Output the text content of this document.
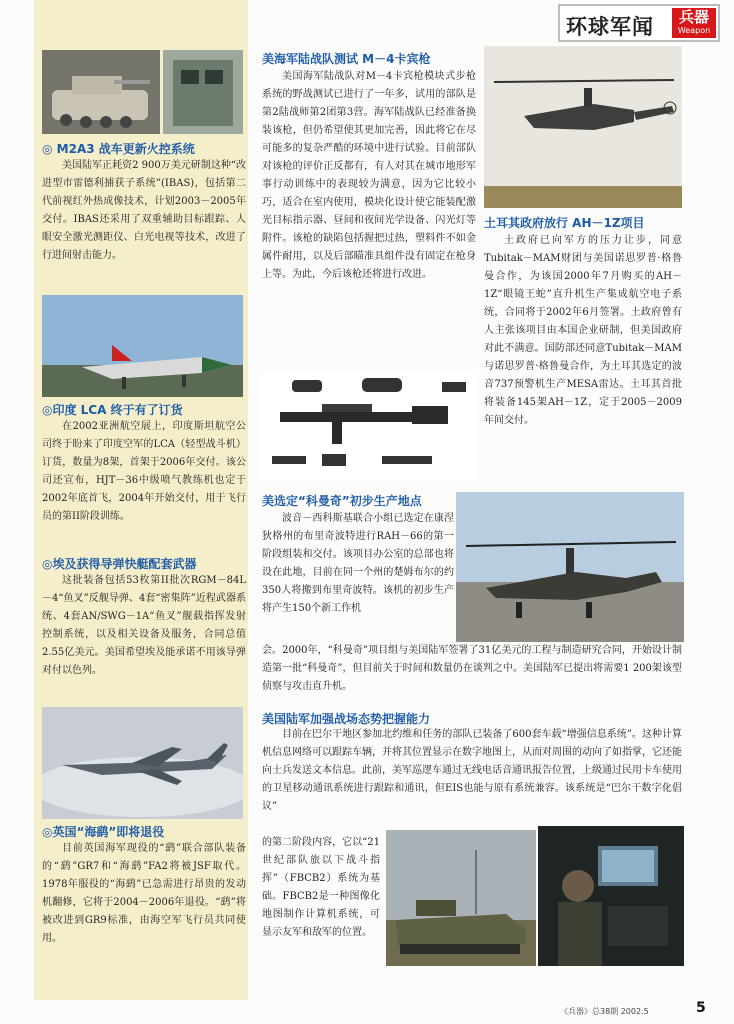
环球军闻	兵器
Weapon
◎ M2A3 战车更新火控系统
美国陆军正耗资2 900万美元研制这种“改进型市雷德利捕获子系统”(IBAS)，包括第二代前视红外热成像技术，计划2003－2005年交付。IBAS还采用了双重辅助目标跟踪、人眼安全激光测距仪、白光电视等技术，改进了行进间射击能力。
◎印度 LCA 终于有了订货
在2002亚洲航空展上，印度斯坦航空公司终于盼来了印度空军的LCA（轻型战斗机）订货，数量为8架，首架于2006年交付。该公司还宣布，HJT－36中级喷气教练机也定于2002年底首飞，2004年开始交付，用于飞行员的第II阶段训练。
◎埃及获得导弹快艇配套武器
这批装备包括53枚第II批次RGM－84L－4“鱼叉”反舰导弹、4套“密集阵”近程武器系统、4套AN/SWG－1A“鱼叉”舰载指挥发射控制系统，以及相关设备及服务，合同总值2.55亿美元。美国希望埃及能承诺不用该导弹对付以色列。
◎英国“海鹞”即将退役
目前英国海军现役的“鹞”联合部队装备的“鹞”GR7和“海鹞”FA2将被JSF取代。1978年服役的“海鹞”已急需进行昂贵的发动机翻修，它将于2004－2006年退役。“鹞”将被改进到GR9标准，由海空军飞行员共同使用。
美海军陆战队测试 M－4卡宾枪
美国海军陆战队对M－4卡宾枪模块式步枪系统的野战测试已进行了一年多，试用的部队是第2陆战师第2团第3营。海军陆战队已经准备换装该枪，但仍希望使其更加完善，因此将它在尽可能多的复杂严酷的环境中进行试验。目前部队对该枪的评价正反都有，有人对其在城市地形军事行动训练中的表现较为满意，因为它比较小巧，适合在室内使用，模块化设计使它能装配激光目标指示器、昼间和夜间光学设备、闪光灯等附件。该枪的缺陷包括握把过热，塑料件不如金属件耐用，以及后部瞄准具组件没有固定在枪身上等。为此，今后该枪还将进行改进。
土耳其政府放行 AH－1Z项目
土政府已向军方的压力让步，同意Tubitak－MAM财团与美国诺思罗普·格鲁曼合作，为该国2000年7月购买的AH－1Z“眼镜王蛇”直升机生产集成航空电子系统，合同将于2002年6月签署。土政府曾有人主张该项目由本国企业研制，但美国政府对此不满意。国防部还同意Tubitak－MAM与诺思罗普·格鲁曼合作，为土耳其选定的波音737预警机生产MESA雷达。土耳其首批将装备145架AH－1Z，定于2005－2009年间交付。
美选定“科曼奇”初步生产地点
波音－西科斯基联合小组已选定在康涅狄格州的布里奇波特进行RAH－66的第一阶段组装和交付。该项目办公室的总部也将设在此地，目前在同一个州的楚姆布尔的约350人将搬到布里奇波特。该机的初步生产将产生150个新工作机
会。2000年，“科曼奇”项目组与美国陆军签署了31亿美元的工程与制造研究合同，开始设计制造第一批“科曼奇”，但目前关于时间和数量仍在谈判之中。美国陆军已提出将需要1 200架该型侦察与攻击直升机。
美国陆军加强战场态势把握能力
目前在巴尔干地区参加北约维和任务的部队已装备了600套车载“增强信息系统”。这种计算机信息网络可以跟踪车辆，并将其位置显示在数字地图上，从而对周围的动向了如指掌，它还能向士兵发送文本信息。此前，美军巡逻车通过无线电话音通讯报告位置，上级通过民用卡车使用的卫星移动通讯系统进行跟踪和通讯，但EIS也能与原有系统兼容。该系统是“巴尔干数字化倡议”
的第二阶段内容，它以“21世纪部队旅以下战斗指挥”（FBCB2）系统为基础。FBCB2是一种图像化地图制作计算机系统，可显示友军和敌军的位置。
《兵器》总38期 2002.5	5
